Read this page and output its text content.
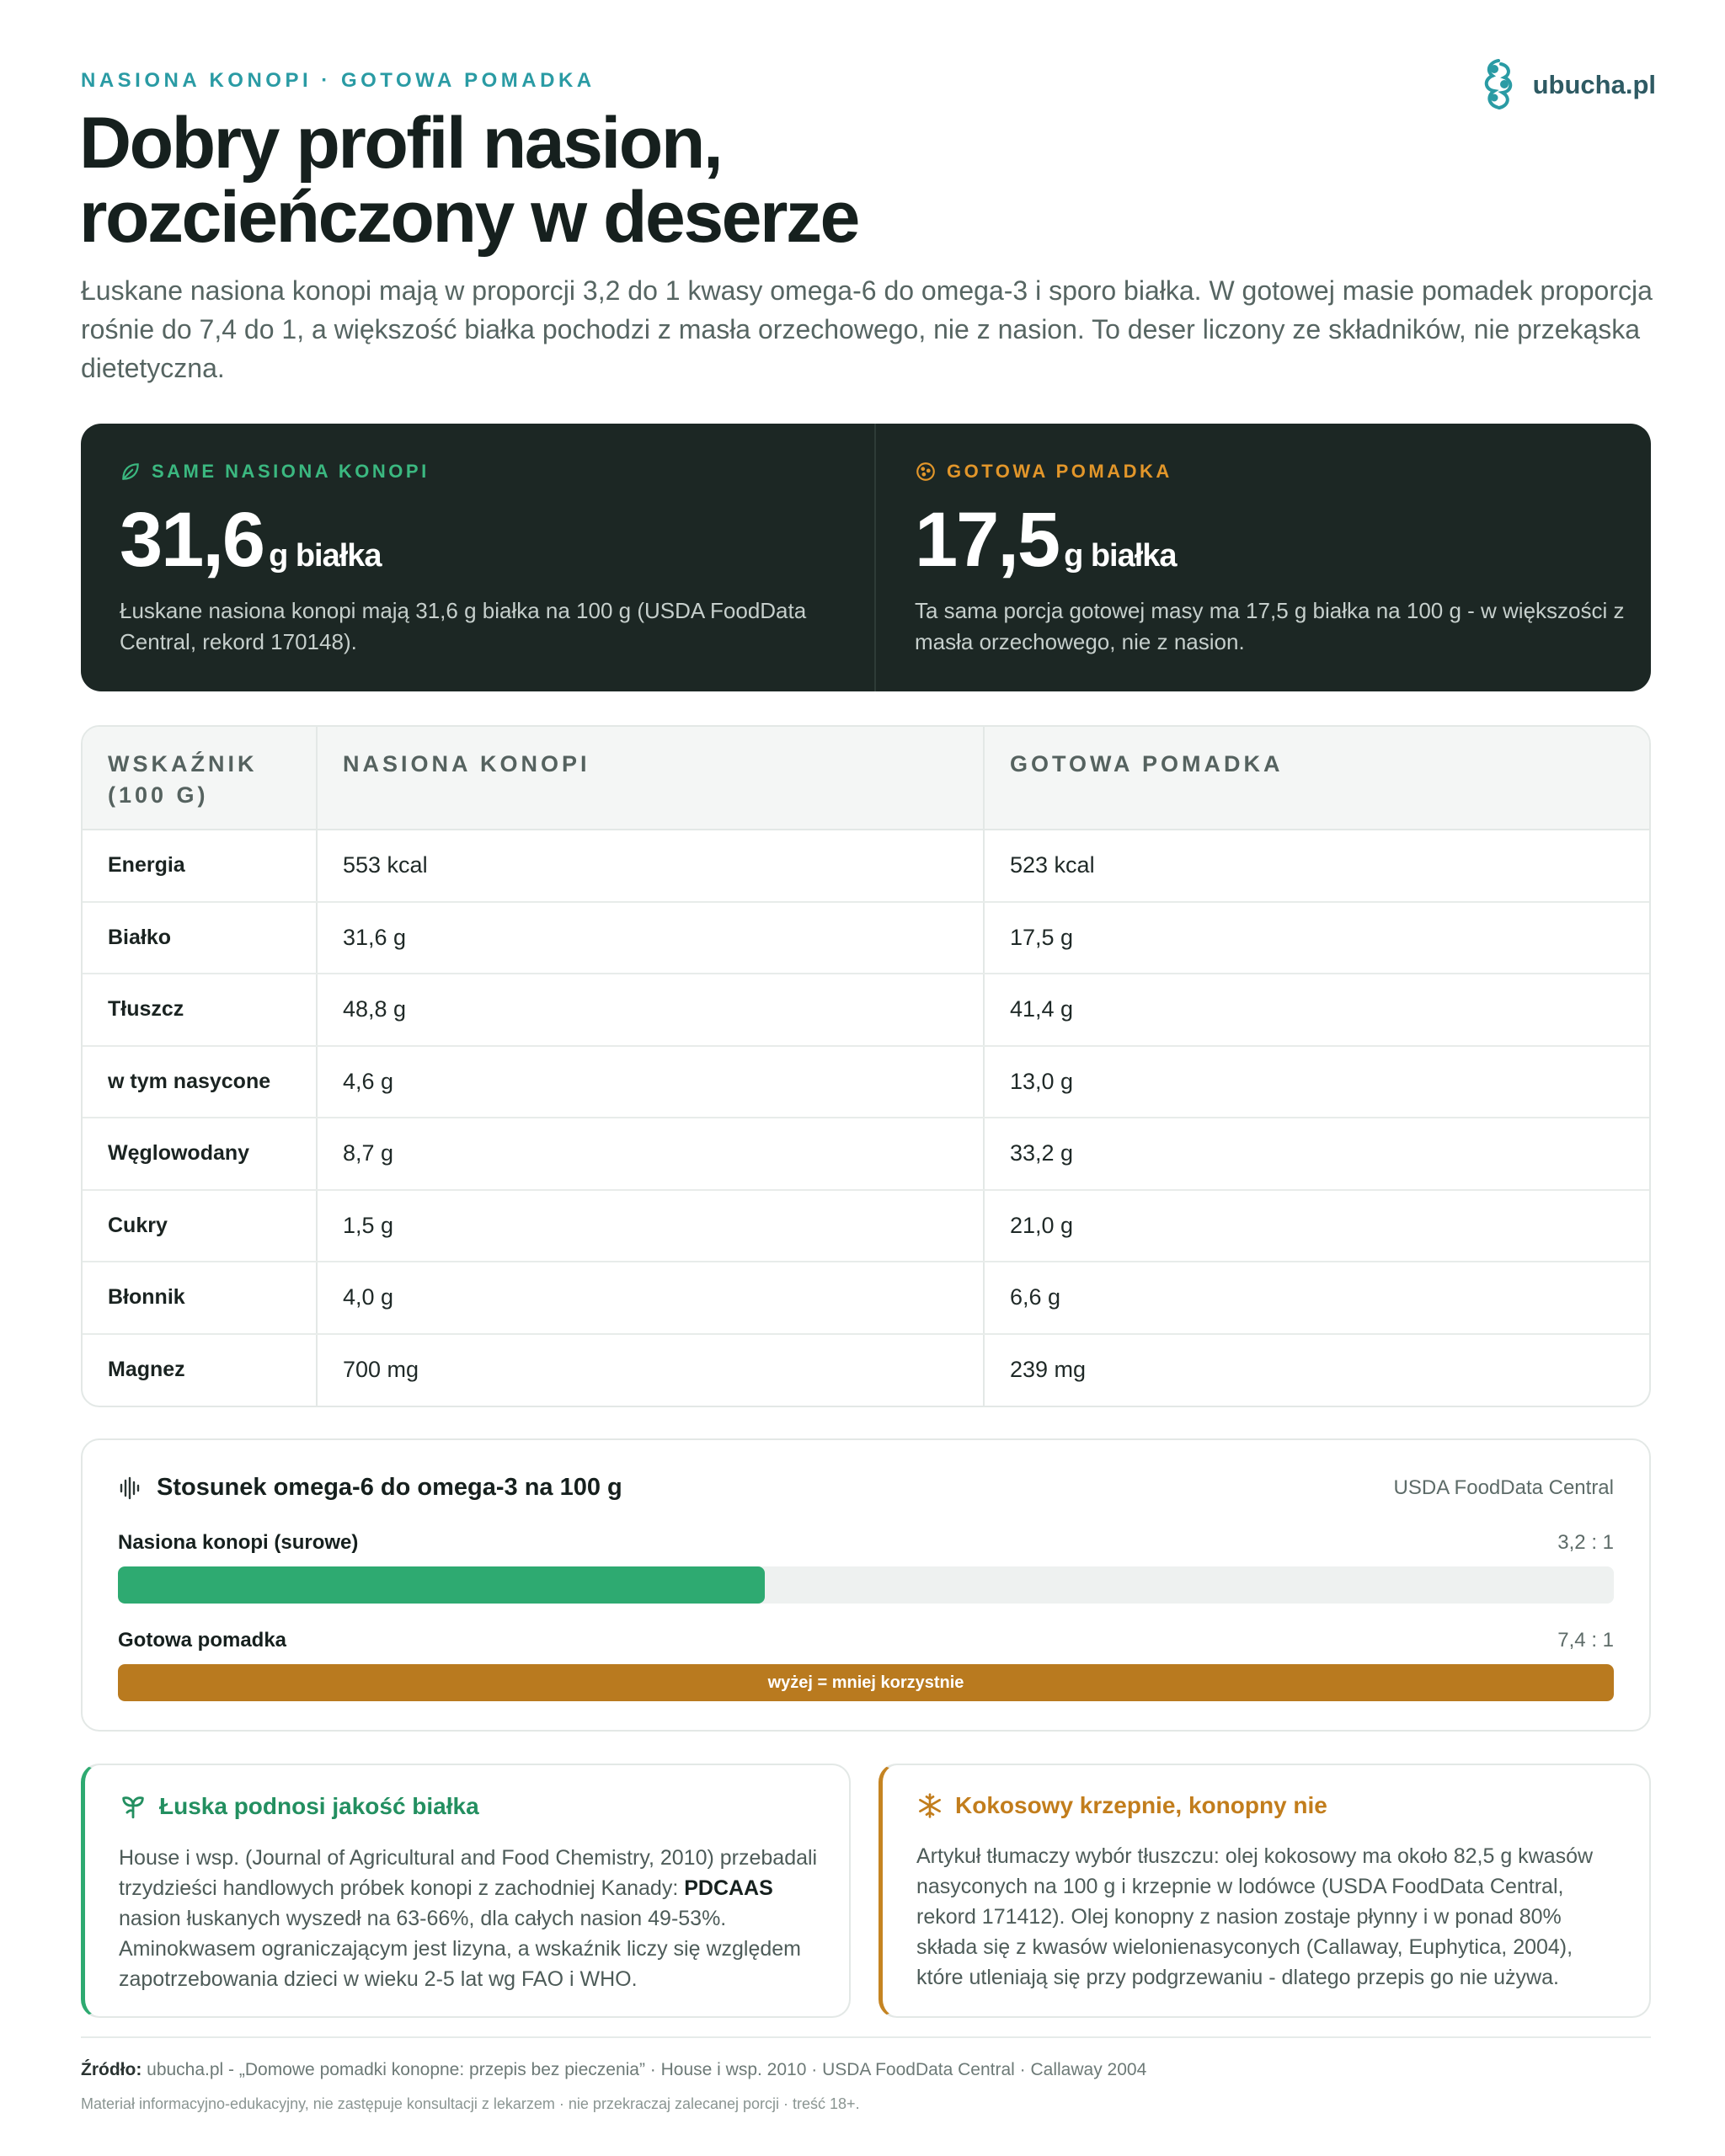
NASIONA KONOPI · GOTOWA POMADKA	ubucha.pl
Dobry profil nasion,
rozcieńczony w deserze

Łuskane nasiona konopi mają w proporcji 3,2 do 1 kwasy omega‑6 do omega‑3 i sporo białka. W gotowej masie pomadek proporcja rośnie do 7,4 do 1, a większość białka pochodzi z masła orzechowego, nie z nasion. To deser liczony ze składników, nie przekąska dietetyczna.

SAME NASIONA KONOPI
31,6 g białka

Łuskane nasiona konopi mają 31,6 g białka na 100 g (USDA FoodData Central, rekord 170148).

GOTOWA POMADKA
17,5 g białka

Ta sama porcja gotowej masy ma 17,5 g białka na 100 g - w większości z masła orzechowego, nie z nasion.

WSKAŹNIK (100 G)	NASIONA KONOPI	GOTOWA POMADKA
Energia	553 kcal	523 kcal
Białko	31,6 g	17,5 g
Tłuszcz	48,8 g	41,4 g
w tym nasycone	4,6 g	13,0 g
Węglowodany	8,7 g	33,2 g
Cukry	1,5 g	21,0 g
Błonnik	4,0 g	6,6 g
Magnez	700 mg	239 mg
Stosunek omega‑6 do omega‑3 na 100 g	USDA FoodData Central
Nasiona konopi (surowe)	3,2 : 1
Gotowa pomadka	7,4 : 1
wyżej = mniej korzystnie
Łuska podnosi jakość białka

House i wsp. (Journal of Agricultural and Food Chemistry, 2010) przebadali trzydzieści handlowych próbek konopi z zachodniej Kanady: PDCAAS nasion łuskanych wyszedł na 63‑66%, dla całych nasion 49‑53%. Aminokwasem ograniczającym jest lizyna, a wskaźnik liczy się względem zapotrzebowania dzieci w wieku 2‑5 lat wg FAO i WHO.

Kokosowy krzepnie, konopny nie

Artykuł tłumaczy wybór tłuszczu: olej kokosowy ma około 82,5 g kwasów nasyconych na 100 g i krzepnie w lodówce (USDA FoodData Central, rekord 171412). Olej konopny z nasion zostaje płynny i w ponad 80% składa się z kwasów wielonienasyconych (Callaway, Euphytica, 2004), które utleniają się przy podgrzewaniu - dlatego przepis go nie używa.

Źródło: ubucha.pl - „Domowe pomadki konopne: przepis bez pieczenia” · House i wsp. 2010 · USDA FoodData Central · Callaway 2004

Materiał informacyjno‑edukacyjny, nie zastępuje konsultacji z lekarzem · nie przekraczaj zalecanej porcji · treść 18+.
